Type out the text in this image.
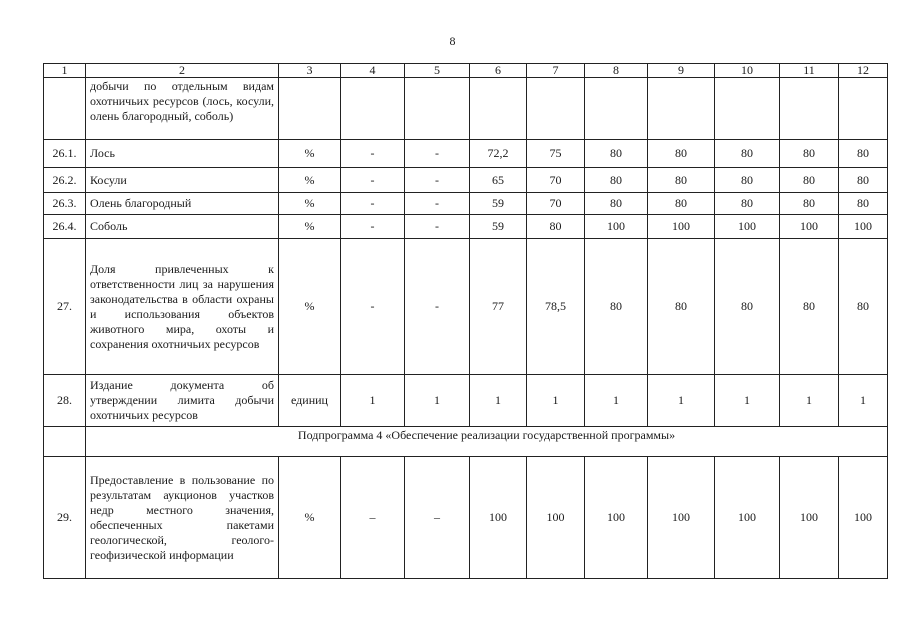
8
1	2	3	4	5	6	7	8	9	10	11	12
	добычи по отдельным видам охотничьих ресурсов (лось, косули, олень благородный, соболь)										
26.1.	Лось	%	-	-	72,2	75	80	80	80	80	80
26.2.	Косули	%	-	-	65	70	80	80	80	80	80
26.3.	Олень благородный	%	-	-	59	70	80	80	80	80	80
26.4.	Соболь	%	-	-	59	80	100	100	100	100	100
27.	Доля привлеченных к ответственности лиц за нарушения законодательства в области охраны и использования объектов животного мира, охоты и сохранения охотничьих ресурсов	%	-	-	77	78,5	80	80	80	80	80
28.	Издание документа об утверждении лимита добычи охотничьих ресурсов	единиц	1	1	1	1	1	1	1	1	1
	Подпрограмма 4 «Обеспечение реализации государственной программы»										
29.	Предоставление в пользование по результатам аукционов участков недр местного значения, обеспеченных пакетами геологической, геолого-геофизической информации	%	–	–	100	100	100	100	100	100	100
